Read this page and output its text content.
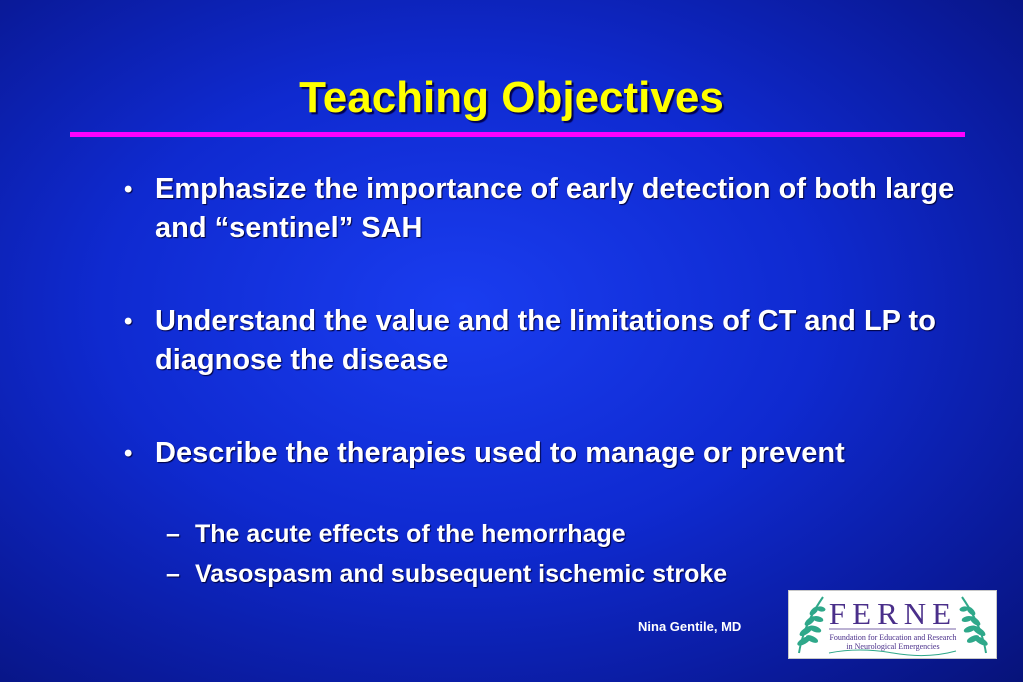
Teaching Objectives
• Emphasize the importance of early detection of both large and “sentinel” SAH
• Understand the value and the limitations of CT and LP to diagnose the disease
• Describe the therapies used to manage or prevent
– The acute effects of the hemorrhage
– Vasospasm and subsequent ischemic stroke
Nina Gentile, MD	FERNE
Foundation for Education and Research
in Neurological Emergencies
